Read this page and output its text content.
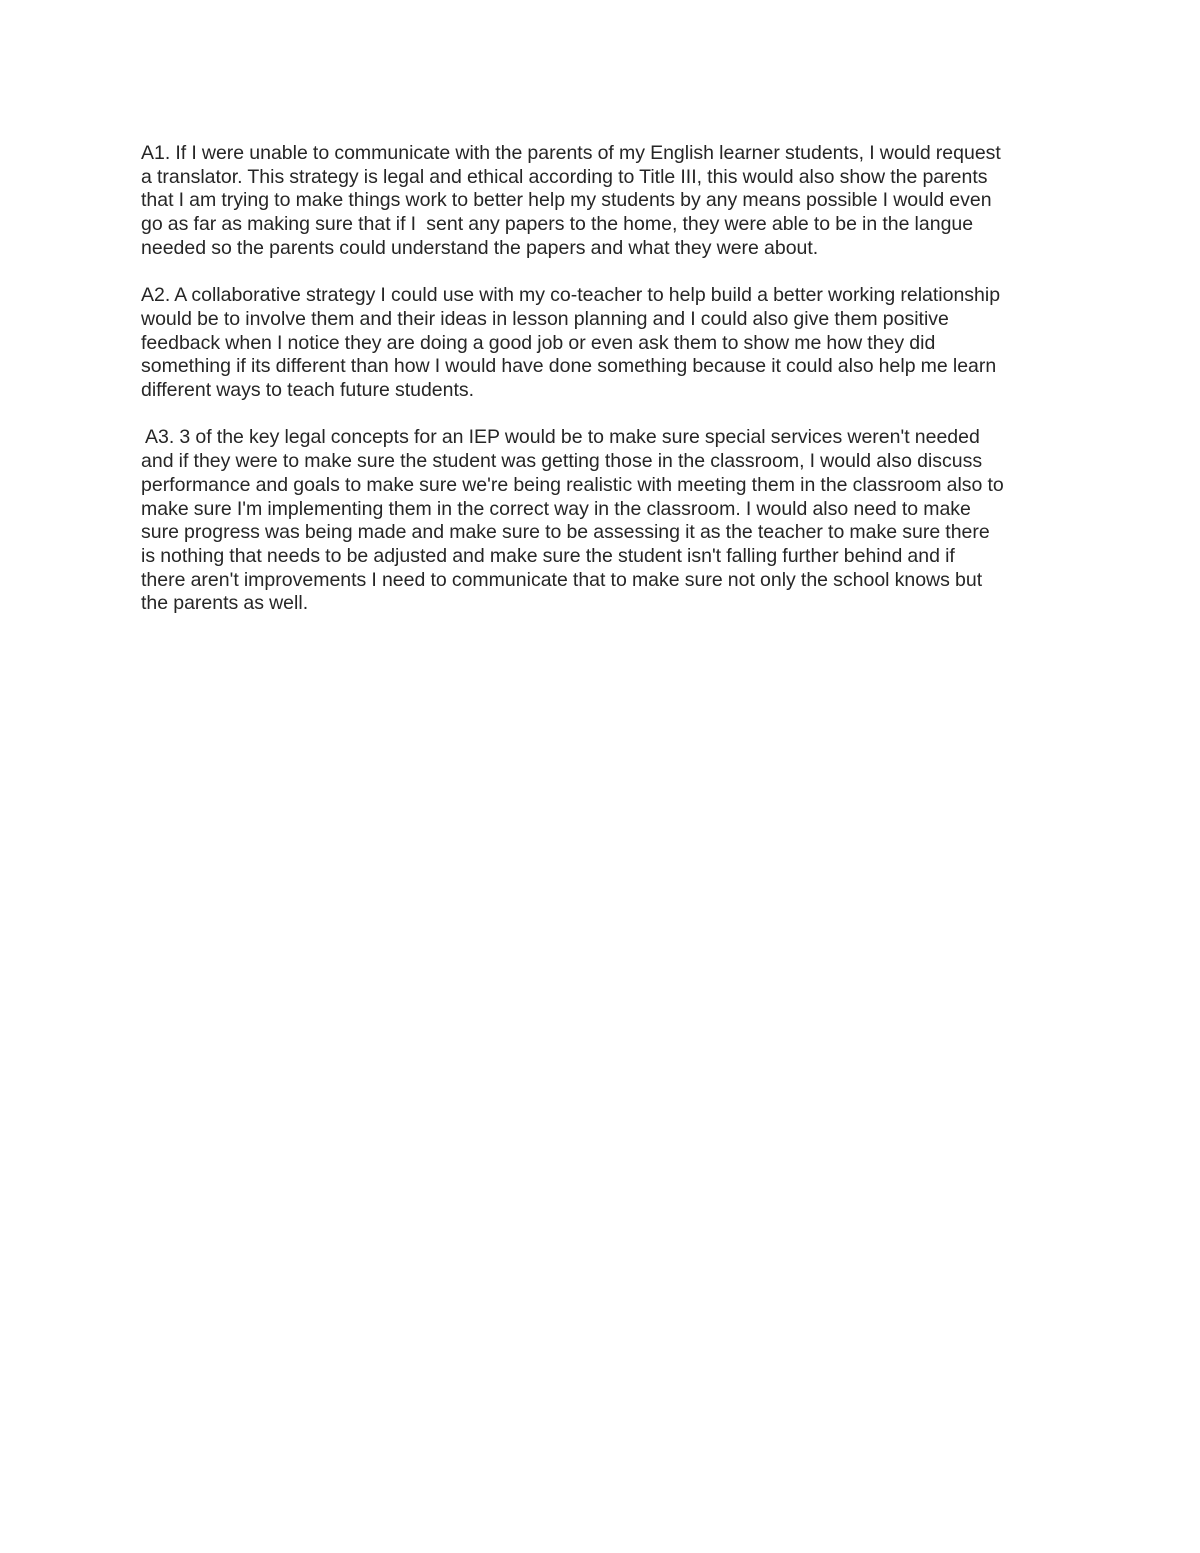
A1. If I were unable to communicate with the parents of my English learner students, I would request
a translator. This strategy is legal and ethical according to Title III, this would also show the parents
that I am trying to make things work to better help my students by any means possible I would even
go as far as making sure that if I  sent any papers to the home, they were able to be in the langue
needed so the parents could understand the papers and what they were about.

A2. A collaborative strategy I could use with my co-teacher to help build a better working relationship
would be to involve them and their ideas in lesson planning and I could also give them positive
feedback when I notice they are doing a good job or even ask them to show me how they did
something if its different than how I would have done something because it could also help me learn
different ways to teach future students.

A3. 3 of the key legal concepts for an IEP would be to make sure special services weren't needed
and if they were to make sure the student was getting those in the classroom, I would also discuss
performance and goals to make sure we're being realistic with meeting them in the classroom also to
make sure I'm implementing them in the correct way in the classroom. I would also need to make
sure progress was being made and make sure to be assessing it as the teacher to make sure there
is nothing that needs to be adjusted and make sure the student isn't falling further behind and if
there aren't improvements I need to communicate that to make sure not only the school knows but
the parents as well.
